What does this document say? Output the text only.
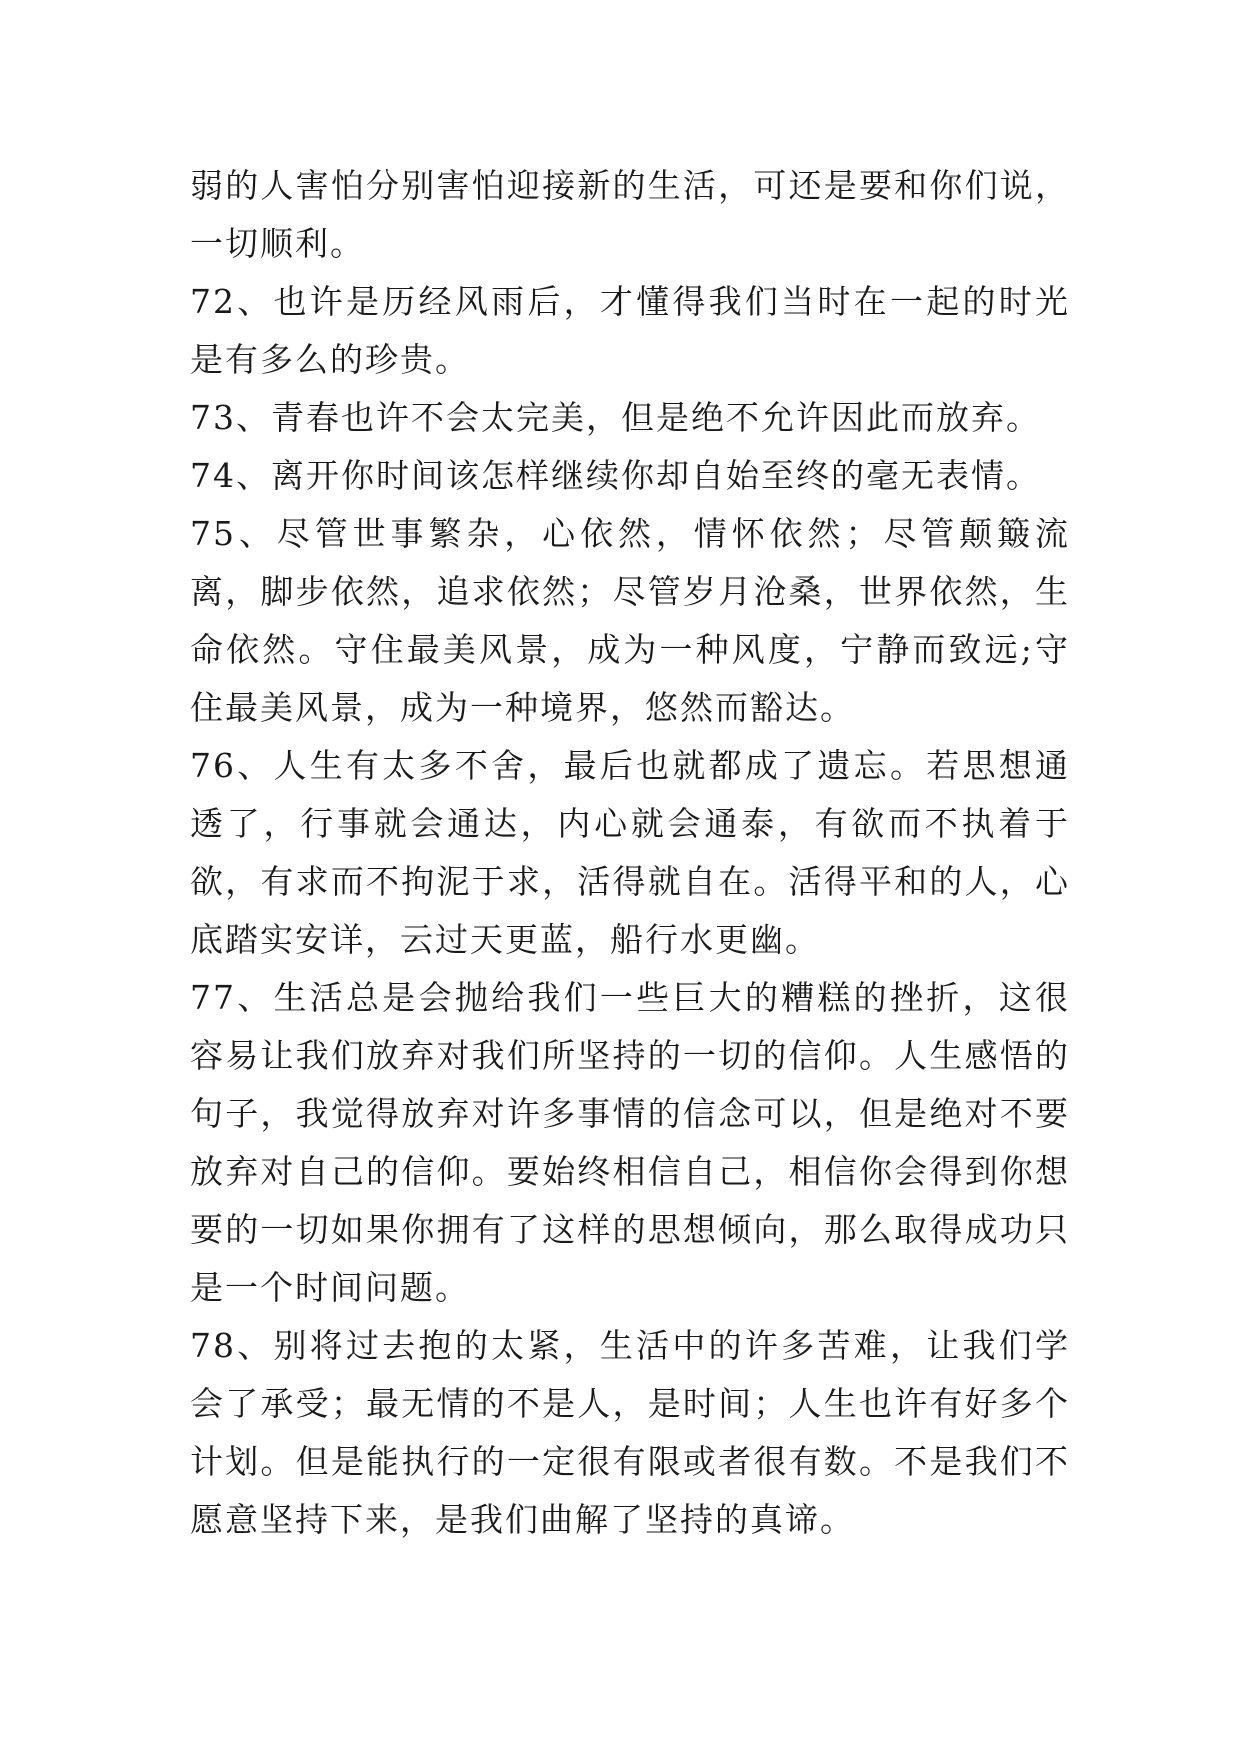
弱的人害怕分别害怕迎接新的生活，可还是要和你们说，一切顺利。

72、也许是历经风雨后，才懂得我们当时在一起的时光是有多么的珍贵。

73、青春也许不会太完美，但是绝不允许因此而放弃。

74、离开你时间该怎样继续你却自始至终的毫无表情。

75、尽管世事繁杂，心依然，情怀依然；尽管颠簸流离，脚步依然，追求依然；尽管岁月沧桑，世界依然，生命依然。守住最美风景，成为一种风度，宁静而致远;守住最美风景，成为一种境界，悠然而豁达。

76、人生有太多不舍，最后也就都成了遗忘。若思想通透了，行事就会通达，内心就会通泰，有欲而不执着于欲，有求而不拘泥于求，活得就自在。活得平和的人，心底踏实安详，云过天更蓝，船行水更幽。

77、生活总是会抛给我们一些巨大的糟糕的挫折，这很容易让我们放弃对我们所坚持的一切的信仰。人生感悟的句子，我觉得放弃对许多事情的信念可以，但是绝对不要放弃对自己的信仰。要始终相信自己，相信你会得到你想要的一切如果你拥有了这样的思想倾向，那么取得成功只是一个时间问题。

78、别将过去抱的太紧，生活中的许多苦难，让我们学会了承受；最无情的不是人，是时间；人生也许有好多个计划。但是能执行的一定很有限或者很有数。不是我们不愿意坚持下来，是我们曲解了坚持的真谛。
